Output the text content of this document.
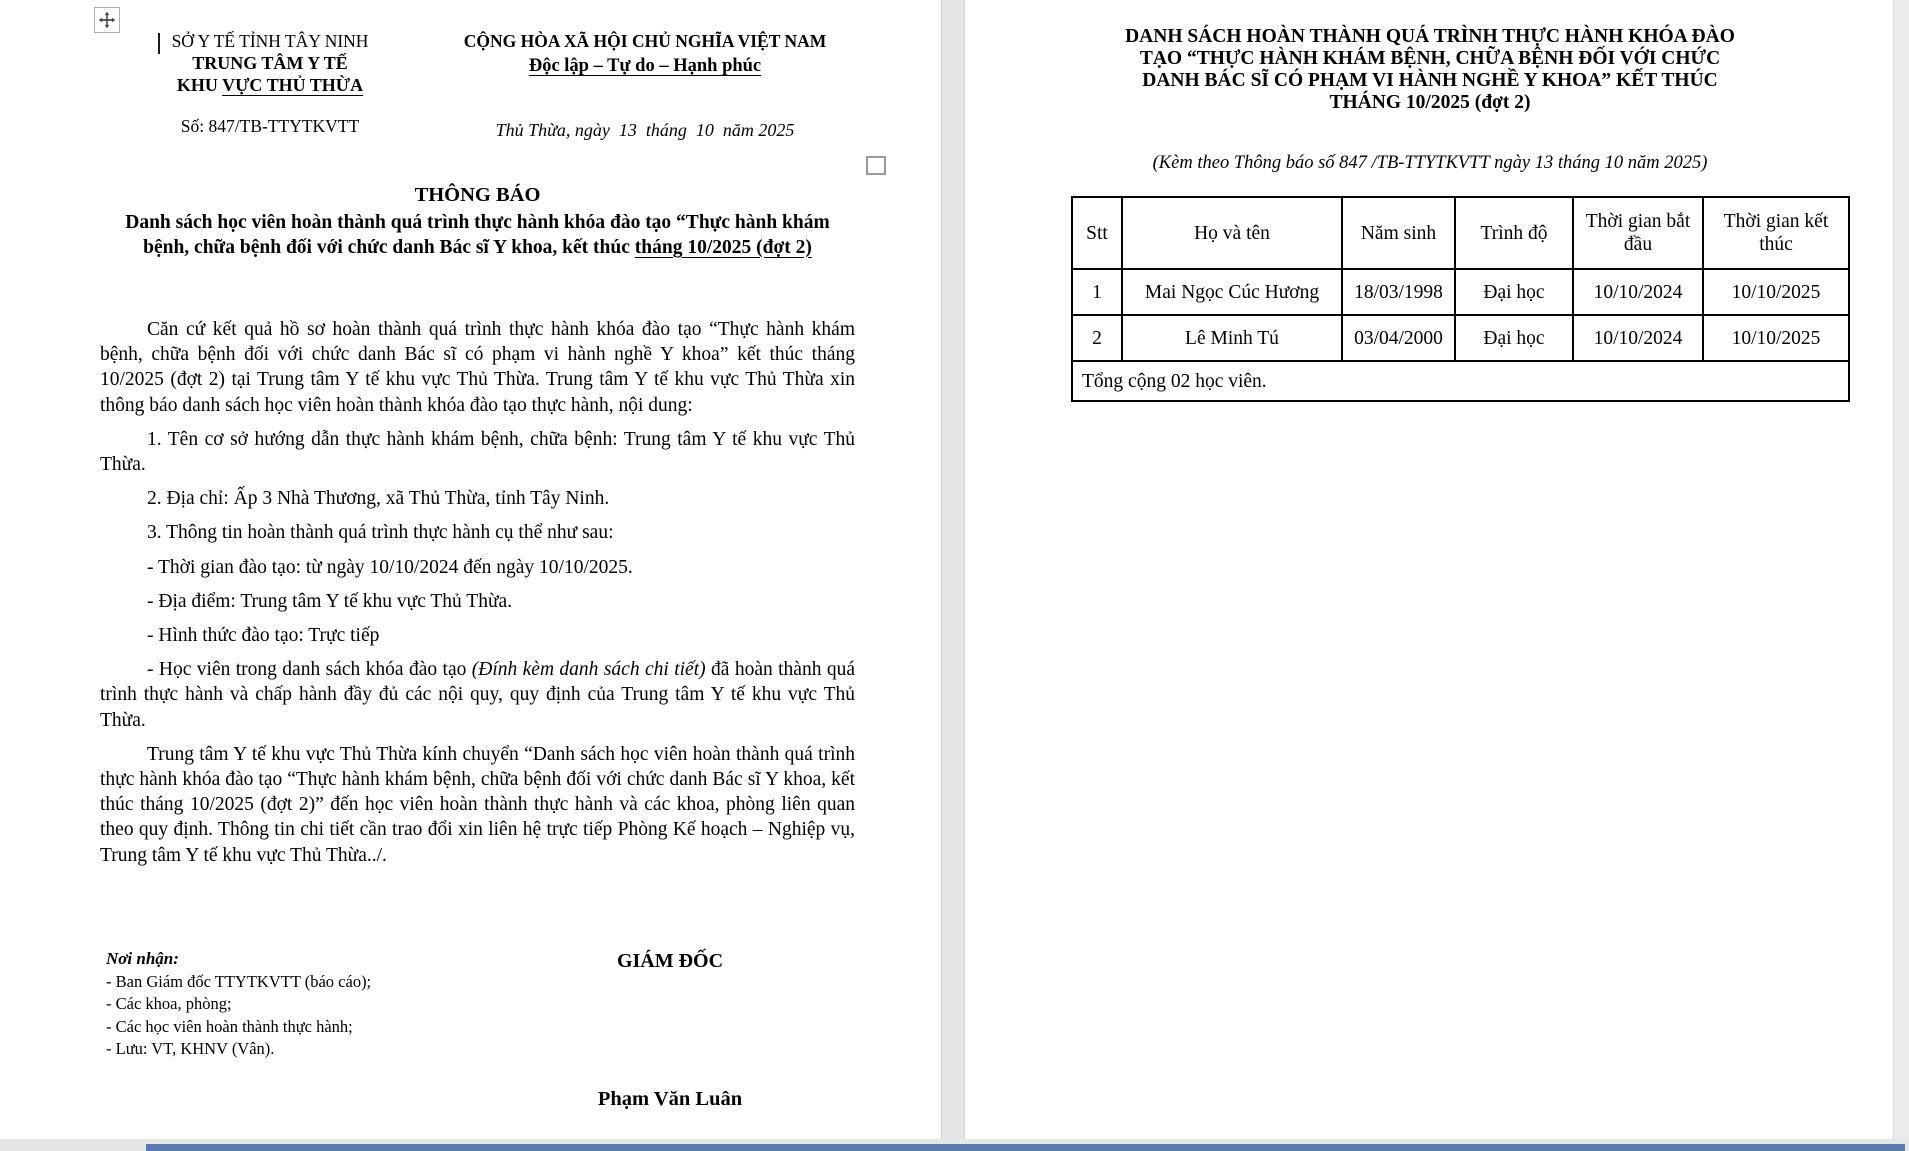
SỞ Y TẾ TỈNH TÂY NINH
TRUNG TÂM Y TẾ
KHU VỰC THỦ THỪA
Số: 847/TB-TTYTKVTT
CỘNG HÒA XÃ HỘI CHỦ NGHĨA VIỆT NAM
Độc lập – Tự do – Hạnh phúc
Thủ Thừa, ngày  13  tháng  10  năm 2025
THÔNG BÁO
Danh sách học viên hoàn thành quá trình thực hành khóa đào tạo “Thực hành khám bệnh, chữa bệnh đối với chức danh Bác sĩ Y khoa, kết thúc tháng 10/2025 (đợt 2)

Căn cứ kết quả hồ sơ hoàn thành quá trình thực hành khóa đào tạo “Thực hành khám bệnh, chữa bệnh đối với chức danh Bác sĩ có phạm vi hành nghề Y khoa” kết thúc tháng 10/2025 (đợt 2) tại Trung tâm Y tế khu vực Thủ Thừa. Trung tâm Y tế khu vực Thủ Thừa xin thông báo danh sách học viên hoàn thành khóa đào tạo thực hành, nội dung:

1. Tên cơ sở hướng dẫn thực hành khám bệnh, chữa bệnh: Trung tâm Y tế khu vực Thủ Thừa.

2. Địa chỉ: Ấp 3 Nhà Thương, xã Thủ Thừa, tỉnh Tây Ninh.

3. Thông tin hoàn thành quá trình thực hành cụ thể như sau:

- Thời gian đào tạo: từ ngày 10/10/2024 đến ngày 10/10/2025.

- Địa điểm: Trung tâm Y tế khu vực Thủ Thừa.

- Hình thức đào tạo: Trực tiếp

- Học viên trong danh sách khóa đào tạo (Đính kèm danh sách chi tiết) đã hoàn thành quá trình thực hành và chấp hành đầy đủ các nội quy, quy định của Trung tâm Y tế khu vực Thủ Thừa.

Trung tâm Y tế khu vực Thủ Thừa kính chuyển “Danh sách học viên hoàn thành quá trình thực hành khóa đào tạo “Thực hành khám bệnh, chữa bệnh đối với chức danh Bác sĩ Y khoa, kết thúc tháng 10/2025 (đợt 2)” đến học viên hoàn thành thực hành và các khoa, phòng liên quan theo quy định. Thông tin chi tiết cần trao đổi xin liên hệ trực tiếp Phòng Kế hoạch – Nghiệp vụ, Trung tâm Y tế khu vực Thủ Thừa../.

Nơi nhận:
- Ban Giám đốc TTYTKVTT (báo cáo);
- Các khoa, phòng;
- Các học viên hoàn thành thực hành;
- Lưu: VT, KHNV (Vân).
GIÁM ĐỐC
Phạm Văn Luân
DANH SÁCH HOÀN THÀNH QUÁ TRÌNH THỰC HÀNH KHÓA ĐÀO
TẠO “THỰC HÀNH KHÁM BỆNH, CHỮA BỆNH ĐỐI VỚI CHỨC
DANH BÁC SĨ CÓ PHẠM VI HÀNH NGHỀ Y KHOA” KẾT THÚC
THÁNG 10/2025 (đợt 2)
(Kèm theo Thông báo số 847 /TB-TTYTKVTT ngày 13 tháng 10 năm 2025)
Stt	Họ và tên	Năm sinh	Trình độ	Thời gian bắt đầu	Thời gian kết thúc
1	Mai Ngọc Cúc Hương	18/03/1998	Đại học	10/10/2024	10/10/2025
2	Lê Minh Tú	03/04/2000	Đại học	10/10/2024	10/10/2025
Tổng cộng 02 học viên.					
